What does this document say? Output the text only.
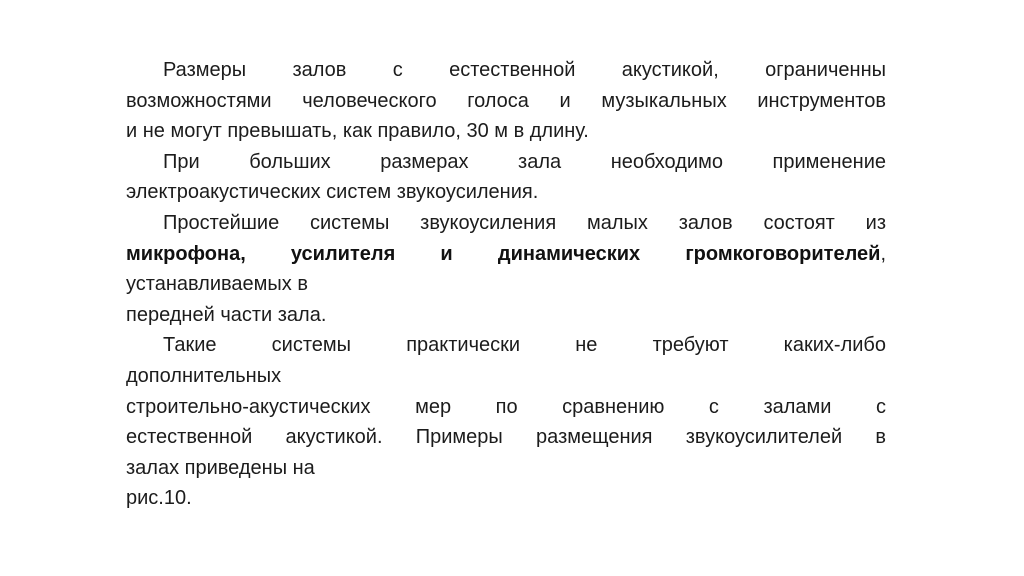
Размеры залов с естественной акустикой, ограниченны
возможностями человеческого голоса и музыкальных инструментов
и не могут превышать, как правило, 30 м в длину.
При больших размерах зала необходимо применение
электроакустических систем звукоусиления.
Простейшие системы звукоусиления малых залов состоят из
микрофона, усилителя и динамических громкоговорителей,
устанавливаемых в
передней части зала.
Такие системы практически не требуют каких-либо
дополнительных
строительно-акустических мер по сравнению с залами с
естественной акустикой. Примеры размещения звукоусилителей в
залах приведены на
рис.10.
